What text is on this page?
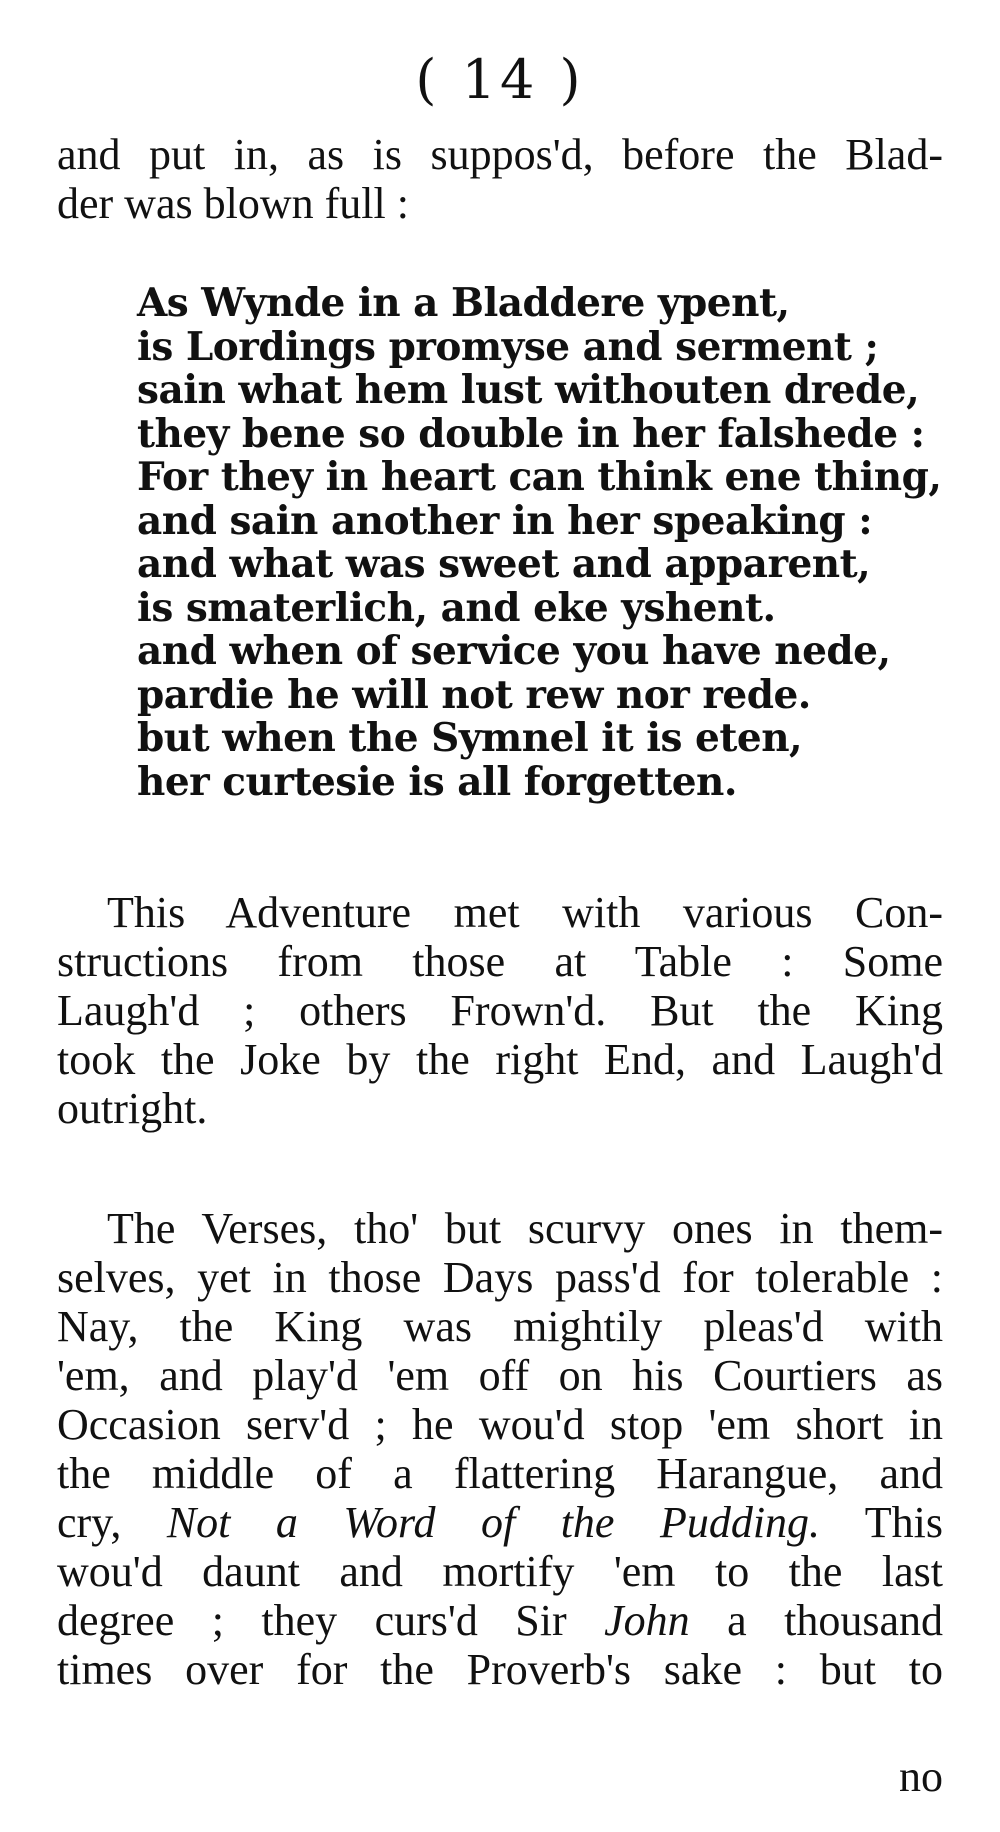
( 14 )

and put in, as is suppos'd, before the Blad-
der was blown full :

As Wynde in a Bladdere ypent,
is Lordings promyse and serment ;
sain what hem lust withouten drede,
they bene so double in her falshede :
For they in heart can think ene thing,
and sain another in her speaking :
and what was sweet and apparent,
is smaterlich, and eke yshent.
and when of service you have nede,
pardie he will not rew nor rede.
but when the Symnel it is eten,
her curtesie is all forgetten.

This Adventure met with various Con-
structions from those at Table : Some
Laugh'd ; others Frown'd. But the King
took the Joke by the right End, and Laugh'd
outright.

The Verses, tho' but scurvy ones in them-
selves, yet in those Days pass'd for tolerable :
Nay, the King was mightily pleas'd with
'em, and play'd 'em off on his Courtiers as
Occasion serv'd ; he wou'd stop 'em short in
the middle of a flattering Harangue, and
cry, Not a Word of the Pudding. This
wou'd daunt and mortify 'em to the last
degree ; they curs'd Sir John a thousand
times over for the Proverb's sake : but to

no
